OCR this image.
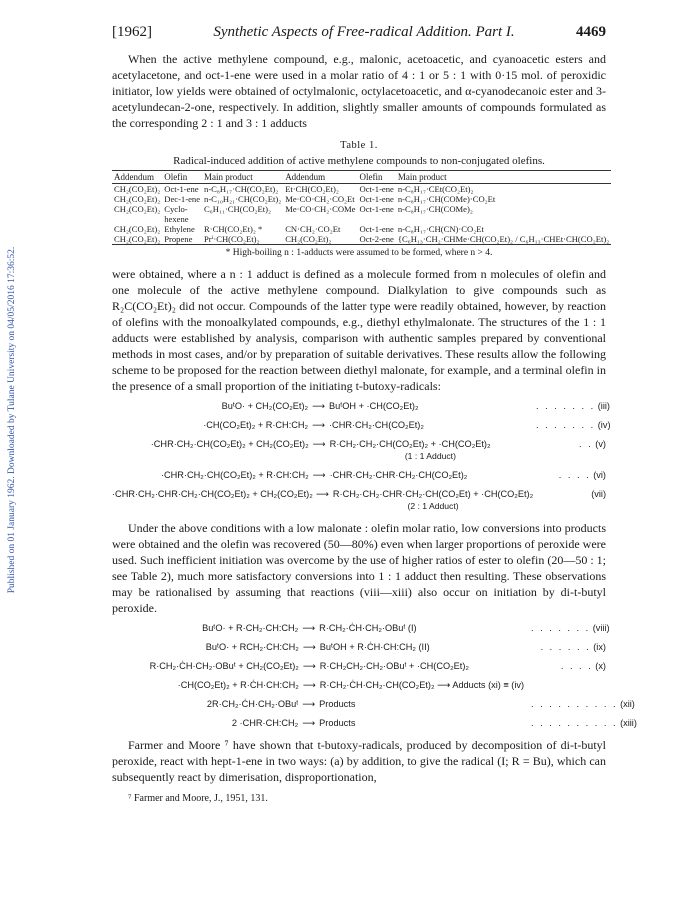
Published on 01 January 1962. Downloaded by Tulane University on 04/05/2016 17:36:52.
[1962]	Synthetic Aspects of Free-radical Addition. Part I.	4469

When the active methylene compound, e.g., malonic, acetoacetic, and cyanoacetic esters and acetylacetone, and oct-1-ene were used in a molar ratio of 4 : 1 or 5 : 1 with 0·15 mol. of peroxidic initiator, low yields were obtained of octylmalonic, octylacetoacetic, and α-cyanodecanoic ester and 3-acetylundecan-2-one, respectively. In addition, slightly smaller amounts of compounds formulated as the corresponding 2 : 1 and 3 : 1 adducts

Table 1.
Radical-induced addition of active methylene compounds to non-conjugated olefins.
Addendum	Olefin	Main product	Addendum	Olefin	Main product
CH₂(CO₂Et)₂	Oct-1-ene	n-C₈H₁₇·CH(CO₂Et)₂	Et·CH(CO₂Et)₂	Oct-1-ene	n-C₈H₁₇·CEt(CO₂Et)₂
CH₂(CO₂Et)₂	Dec-1-ene	n-C₁₀H₂₁·CH(CO₂Et)₂	Me·CO·CH₂·CO₂Et	Oct-1-ene	n-C₈H₁₇·CH(COMe)·CO₂Et
CH₂(CO₂Et)₂	Cyclo-	C₆H₁₁·CH(CO₂Et)₂	Me·CO·CH₂·COMe	Oct-1-ene	n-C₈H₁₇·CH(COMe)₂
	hexene				
CH₂(CO₂Et)₂	Ethylene	R·CH(CO₂Et)₂ *	CN·CH₂·CO₂Et	Oct-1-ene	n-C₈H₁₇·CH(CN)·CO₂Et
CH₂(CO₂Et)₂	Propene	Prⁱ·CH(CO₂Et)₂	CH₂(CO₂Et)₂	Oct-2-ene	{C₆H₁₃·CH₂·CHMe·CH(CO₂Et)₂ / C₆H₁₃·CHEt·CH(CO₂Et)₂
* High-boiling n : 1-adducts were assumed to be formed, where n > 4.

were obtained, where a n : 1 adduct is defined as a molecule formed from n molecules of olefin and one molecule of the active methylene compound. Dialkylation to give compounds such as R₂C(CO₂Et)₂ did not occur. Compounds of the latter type were readily obtained, however, by reaction of olefins with the monoalkylated compounds, e.g., diethyl ethylmalonate. The structures of the 1 : 1 adducts were established by analysis, comparison with authentic samples prepared by conventional methods in most cases, and/or by preparation of suitable derivatives. These results allow the following scheme to be proposed for the reaction between diethyl malonate, for example, and a terminal olefin in the presence of a small proportion of the initiating t-butoxy-radicals:

BuᵗO· + CH₂(CO₂Et)₂ ⟶ BuᵗOH + ·CH(CO₂Et)₂	. . . . . . . (iii)
·CH(CO₂Et)₂ + R·CH:CH₂ ⟶ ·CHR·CH₂·CH(CO₂Et)₂	. . . . . . . (iv)
·CHR·CH₂·CH(CO₂Et)₂ + CH₂(CO₂Et)₂ ⟶ R·CH₂·CH₂·CH(CO₂Et)₂ + ·CH(CO₂Et)₂
(1 : 1 Adduct)
. . (v)
·CHR·CH₂·CH(CO₂Et)₂ + R·CH:CH₂ ⟶ ·CHR·CH₂·CHR·CH₂·CH(CO₂Et)₂	. . . . (vi)
·CHR·CH₂·CHR·CH₂·CH(CO₂Et)₂ + CH₂(CO₂Et)₂ ⟶ R·CH₂·CH₂·CHR·CH₂·CH(CO₂Et) + ·CH(CO₂Et)₂
(2 : 1 Adduct)
(vii)

Under the above conditions with a low malonate : olefin molar ratio, low conversions into products were obtained and the olefin was recovered (50—80%) even when larger proportions of peroxide were used. Such inefficient initiation was overcome by the use of higher ratios of ester to olefin (20—50 : 1; see Table 2), much more satisfactory conversions into 1 : 1 adduct then resulting. These observations may be rationalised by assuming that reactions (viii—xiii) also occur on initiation by di-t-butyl peroxide.

BuᵗO· + R·CH₂·CH:CH₂ ⟶ R·CH₂·ĊH·CH₂·OBuᵗ (I)	. . . . . . . (viii)
BuᵗO· + RCH₂·CH:CH₂ ⟶ BuᵗOH + R·ĊH·CH:CH₂ (II)	. . . . . . (ix)
R·CH₂·ĊH·CH₂·OBuᵗ + CH₂(CO₂Et)₂ ⟶ R·CH₂CH₂·CH₂·OBuᵗ + ·CH(CO₂Et)₂	. . . . (x)
·CH(CO₂Et)₂ + R·ĊH·CH:CH₂ ⟶ R·CH₂·ĊH·CH₂·CH(CO₂Et)₂ ⟶ Adducts (xi) ≡ (iv)
2R·CH₂·ĊH·CH₂·OBuᵗ ⟶ Products	. . . . . . . . . . (xii)
2 ·CHR·CH:CH₂ ⟶ Products	. . . . . . . . . . (xiii)

Farmer and Moore ⁷ have shown that t-butoxy-radicals, produced by decomposition of di-t-butyl peroxide, react with hept-1-ene in two ways: (a) by addition, to give the radical (I; R = Bu), which can subsequently react by dimerisation, disproportionation,

⁷ Farmer and Moore, J., 1951, 131.
